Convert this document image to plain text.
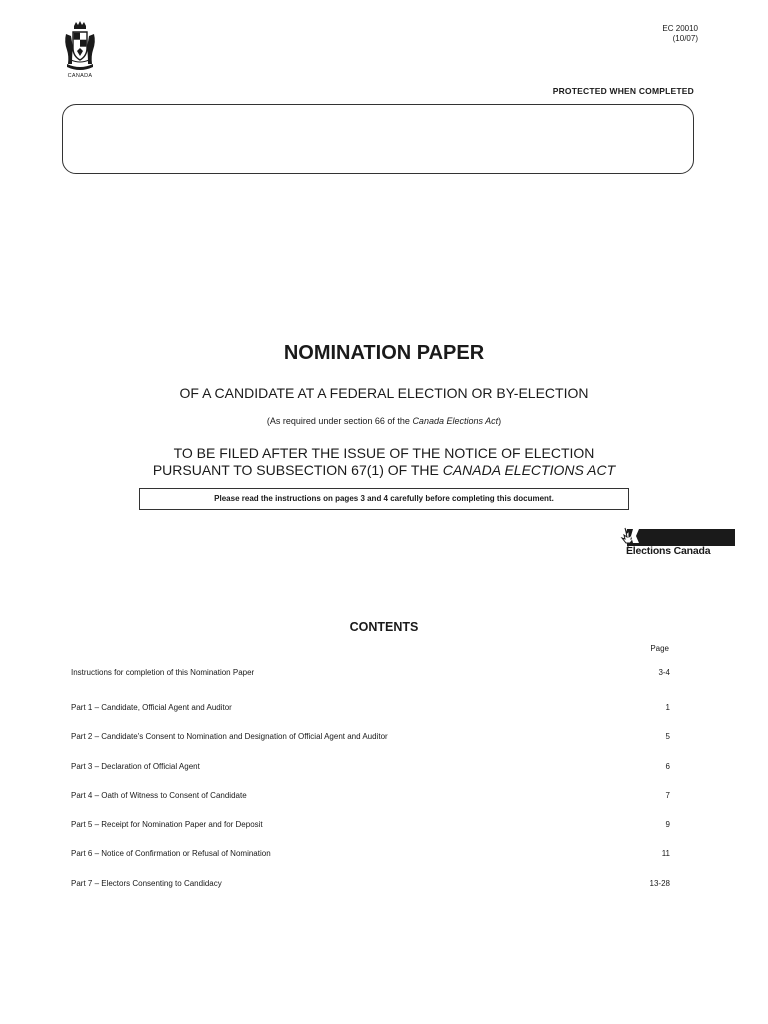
CANADA
EC 20010
(10/07)
PROTECTED WHEN COMPLETED
NOMINATION PAPER
OF A CANDIDATE AT A FEDERAL ELECTION OR BY-ELECTION
(As required under section 66 of the Canada Elections Act)
TO BE FILED AFTER THE ISSUE OF THE NOTICE OF ELECTION
PURSUANT TO SUBSECTION 67(1) OF THE CANADA ELECTIONS ACT
Please read the instructions on pages 3 and 4 carefully before completing this document.
Elections Canada
CONTENTS
Page
Instructions for completion of this Nomination Paper	3-4
Part 1 – Candidate, Official Agent and Auditor	1
Part 2 – Candidate's Consent to Nomination and Designation of Official Agent and Auditor	5
Part 3 – Declaration of Official Agent	6
Part 4 – Oath of Witness to Consent of Candidate	7
Part 5 – Receipt for Nomination Paper and for Deposit	9
Part 6 – Notice of Confirmation or Refusal of Nomination	11
Part 7 – Electors Consenting to Candidacy	13-28
